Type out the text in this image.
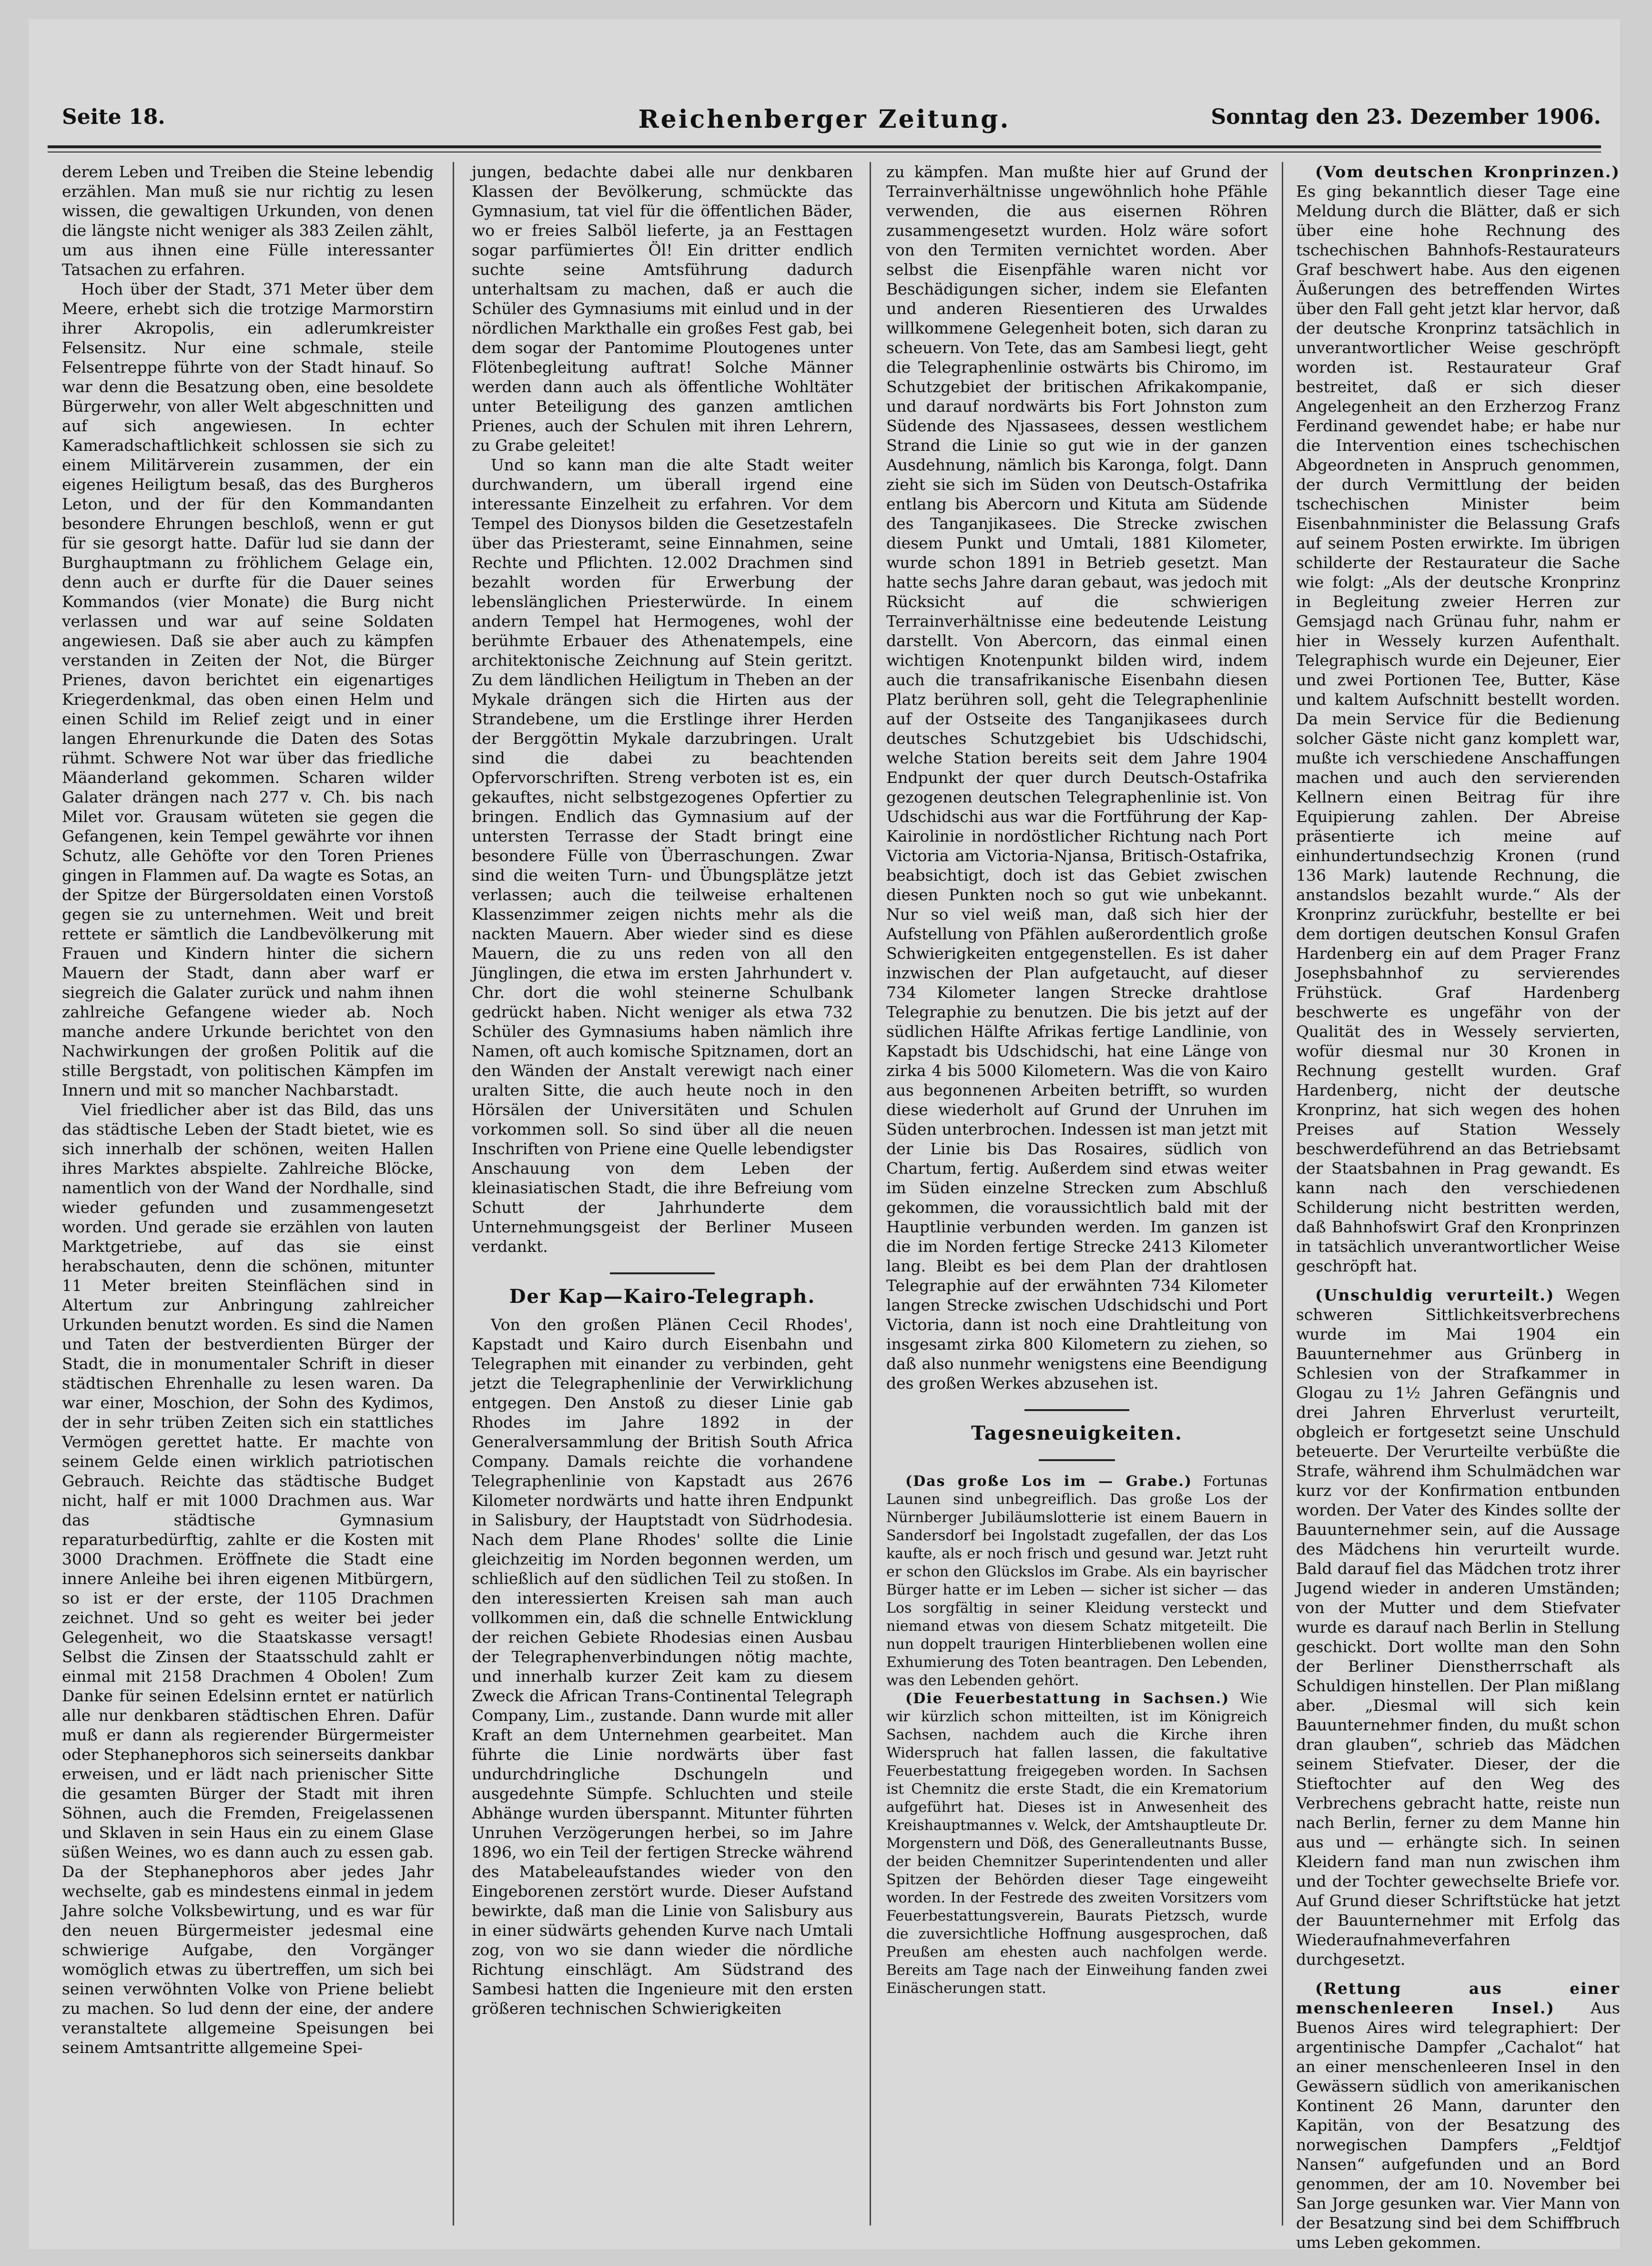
Seite 18.	Reichenberger Zeitung.	Sonntag den 23. Dezember 1906.

derem Leben und Treiben die Steine lebendig erzählen. Man muß sie nur richtig zu lesen wissen, die gewaltigen Urkunden, von denen die längste nicht weniger als 383 Zeilen zählt, um aus ihnen eine Fülle interessanter Tatsachen zu erfahren.

Hoch über der Stadt, 371 Meter über dem Meere, erhebt sich die trotzige Marmorstirn ihrer Akropolis, ein adlerumkreister Felsensitz. Nur eine schmale, steile Felsentreppe führte von der Stadt hinauf. So war denn die Besatzung oben, eine besoldete Bürgerwehr, von aller Welt abgeschnitten und auf sich angewiesen. In echter Kameradschaftlichkeit schlossen sie sich zu einem Militärverein zusammen, der ein eigenes Heiligtum besaß, das des Burgheros Leton, und der für den Kommandanten besondere Ehrungen beschloß, wenn er gut für sie gesorgt hatte. Dafür lud sie dann der Burghauptmann zu fröhlichem Gelage ein, denn auch er durfte für die Dauer seines Kommandos (vier Monate) die Burg nicht verlassen und war auf seine Soldaten angewiesen. Daß sie aber auch zu kämpfen verstanden in Zeiten der Not, die Bürger Prienes, davon berichtet ein eigenartiges Kriegerdenkmal, das oben einen Helm und einen Schild im Relief zeigt und in einer langen Ehrenurkunde die Daten des Sotas rühmt. Schwere Not war über das friedliche Mäanderland gekommen. Scharen wilder Galater drängen nach 277 v. Ch. bis nach Milet vor. Grausam wüteten sie gegen die Gefangenen, kein Tempel gewährte vor ihnen Schutz, alle Gehöfte vor den Toren Prienes gingen in Flammen auf. Da wagte es Sotas, an der Spitze der Bürgersoldaten einen Vorstoß gegen sie zu unternehmen. Weit und breit rettete er sämtlich die Landbevölkerung mit Frauen und Kindern hinter die sichern Mauern der Stadt, dann aber warf er siegreich die Galater zurück und nahm ihnen zahlreiche Gefangene wieder ab. Noch manche andere Urkunde berichtet von den Nachwirkungen der großen Politik auf die stille Bergstadt, von politischen Kämpfen im Innern und mit so mancher Nachbarstadt.

Viel friedlicher aber ist das Bild, das uns das städtische Leben der Stadt bietet, wie es sich innerhalb der schönen, weiten Hallen ihres Marktes abspielte. Zahlreiche Blöcke, namentlich von der Wand der Nordhalle, sind wieder gefunden und zusammengesetzt worden. Und gerade sie erzählen von lauten Marktgetriebe, auf das sie einst herabschauten, denn die schönen, mitunter 11 Meter breiten Steinflächen sind in Altertum zur Anbringung zahlreicher Urkunden benutzt worden. Es sind die Namen und Taten der bestverdienten Bürger der Stadt, die in monumentaler Schrift in dieser städtischen Ehrenhalle zu lesen waren. Da war einer, Moschion, der Sohn des Kydimos, der in sehr trüben Zeiten sich ein stattliches Vermögen gerettet hatte. Er machte von seinem Gelde einen wirklich patriotischen Gebrauch. Reichte das städtische Budget nicht, half er mit 1000 Drachmen aus. War das städtische Gymnasium reparaturbedürftig, zahlte er die Kosten mit 3000 Drachmen. Eröffnete die Stadt eine innere Anleihe bei ihren eigenen Mitbürgern, so ist er der erste, der 1105 Drachmen zeichnet. Und so geht es weiter bei jeder Gelegenheit, wo die Staatskasse versagt! Selbst die Zinsen der Staatsschuld zahlt er einmal mit 2158 Drachmen 4 Obolen! Zum Danke für seinen Edelsinn erntet er natürlich alle nur denkbaren städtischen Ehren. Dafür muß er dann als regierender Bürgermeister oder Stephanephoros sich seinerseits dankbar erweisen, und er lädt nach prienischer Sitte die gesamten Bürger der Stadt mit ihren Söhnen, auch die Fremden, Freigelassenen und Sklaven in sein Haus ein zu einem Glase süßen Weines, wo es dann auch zu essen gab. Da der Stephanephoros aber jedes Jahr wechselte, gab es mindestens einmal in jedem Jahre solche Volksbewirtung, und es war für den neuen Bürgermeister jedesmal eine schwierige Aufgabe, den Vorgänger womöglich etwas zu übertreffen, um sich bei seinen verwöhnten Volke von Priene beliebt zu machen. So lud denn der eine, der andere veranstaltete allgemeine Speisungen bei seinem Amtsantritte allgemeine Spei-

jungen, bedachte dabei alle nur denkbaren Klassen der Bevölkerung, schmückte das Gymnasium, tat viel für die öffentlichen Bäder, wo er freies Salböl lieferte, ja an Festtagen sogar parfümiertes Öl! Ein dritter endlich suchte seine Amtsführung dadurch unterhaltsam zu machen, daß er auch die Schüler des Gymnasiums mit einlud und in der nördlichen Markthalle ein großes Fest gab, bei dem sogar der Pantomime Ploutogenes unter Flötenbegleitung auftrat! Solche Männer werden dann auch als öffentliche Wohltäter unter Beteiligung des ganzen amtlichen Prienes, auch der Schulen mit ihren Lehrern, zu Grabe geleitet!

Und so kann man die alte Stadt weiter durchwandern, um überall irgend eine interessante Einzelheit zu erfahren. Vor dem Tempel des Dionysos bilden die Gesetzestafeln über das Priesteramt, seine Einnahmen, seine Rechte und Pflichten. 12.002 Drachmen sind bezahlt worden für Erwerbung der lebenslänglichen Priesterwürde. In einem andern Tempel hat Hermogenes, wohl der berühmte Erbauer des Athenatempels, eine architektonische Zeichnung auf Stein geritzt. Zu dem ländlichen Heiligtum in Theben an der Mykale drängen sich die Hirten aus der Strandebene, um die Erstlinge ihrer Herden der Berggöttin Mykale darzubringen. Uralt sind die dabei zu beachtenden Opfervorschriften. Streng verboten ist es, ein gekauftes, nicht selbstgezogenes Opfertier zu bringen. Endlich das Gymnasium auf der untersten Terrasse der Stadt bringt eine besondere Fülle von Überraschungen. Zwar sind die weiten Turn- und Übungsplätze jetzt verlassen; auch die teilweise erhaltenen Klassenzimmer zeigen nichts mehr als die nackten Mauern. Aber wieder sind es diese Mauern, die zu uns reden von all den Jünglingen, die etwa im ersten Jahrhundert v. Chr. dort die wohl steinerne Schulbank gedrückt haben. Nicht weniger als etwa 732 Schüler des Gymnasiums haben nämlich ihre Namen, oft auch komische Spitznamen, dort an den Wänden der Anstalt verewigt nach einer uralten Sitte, die auch heute noch in den Hörsälen der Universitäten und Schulen vorkommen soll. So sind über all die neuen Inschriften von Priene eine Quelle lebendigster Anschauung von dem Leben der kleinasiatischen Stadt, die ihre Befreiung vom Schutt der Jahrhunderte dem Unternehmungsgeist der Berliner Museen verdankt.

Der Kap—Kairo-Telegraph.

Von den großen Plänen Cecil Rhodes', Kapstadt und Kairo durch Eisenbahn und Telegraphen mit einander zu verbinden, geht jetzt die Telegraphenlinie der Verwirklichung entgegen. Den Anstoß zu dieser Linie gab Rhodes im Jahre 1892 in der Generalversammlung der British South Africa Company. Damals reichte die vorhandene Telegraphenlinie von Kapstadt aus 2676 Kilometer nordwärts und hatte ihren Endpunkt in Salisbury, der Hauptstadt von Südrhodesia. Nach dem Plane Rhodes' sollte die Linie gleichzeitig im Norden begonnen werden, um schließlich auf den südlichen Teil zu stoßen. In den interessierten Kreisen sah man auch vollkommen ein, daß die schnelle Entwicklung der reichen Gebiete Rhodesias einen Ausbau der Telegraphenverbindungen nötig machte, und innerhalb kurzer Zeit kam zu diesem Zweck die African Trans-Continental Telegraph Company, Lim., zustande. Dann wurde mit aller Kraft an dem Unternehmen gearbeitet. Man führte die Linie nordwärts über fast undurchdringliche Dschungeln und ausgedehnte Sümpfe. Schluchten und steile Abhänge wurden überspannt. Mitunter führten Unruhen Verzögerungen herbei, so im Jahre 1896, wo ein Teil der fertigen Strecke während des Matabeleaufstandes wieder von den Eingeborenen zerstört wurde. Dieser Aufstand bewirkte, daß man die Linie von Salisbury aus in einer südwärts gehenden Kurve nach Umtali zog, von wo sie dann wieder die nördliche Richtung einschlägt. Am Südstrand des Sambesi hatten die Ingenieure mit den ersten größeren technischen Schwierigkeiten

zu kämpfen. Man mußte hier auf Grund der Terrainverhältnisse ungewöhnlich hohe Pfähle verwenden, die aus eisernen Röhren zusammengesetzt wurden. Holz wäre sofort von den Termiten vernichtet worden. Aber selbst die Eisenpfähle waren nicht vor Beschädigungen sicher, indem sie Elefanten und anderen Riesentieren des Urwaldes willkommene Gelegenheit boten, sich daran zu scheuern. Von Tete, das am Sambesi liegt, geht die Telegraphenlinie ostwärts bis Chiromo, im Schutzgebiet der britischen Afrikakompanie, und darauf nordwärts bis Fort Johnston zum Südende des Njassasees, dessen westlichem Strand die Linie so gut wie in der ganzen Ausdehnung, nämlich bis Karonga, folgt. Dann zieht sie sich im Süden von Deutsch-Ostafrika entlang bis Abercorn und Kituta am Südende des Tanganjikasees. Die Strecke zwischen diesem Punkt und Umtali, 1881 Kilometer, wurde schon 1891 in Betrieb gesetzt. Man hatte sechs Jahre daran gebaut, was jedoch mit Rücksicht auf die schwierigen Terrainverhältnisse eine bedeutende Leistung darstellt. Von Abercorn, das einmal einen wichtigen Knotenpunkt bilden wird, indem auch die transafrikanische Eisenbahn diesen Platz berühren soll, geht die Telegraphenlinie auf der Ostseite des Tanganjikasees durch deutsches Schutzgebiet bis Udschidschi, welche Station bereits seit dem Jahre 1904 Endpunkt der quer durch Deutsch-Ostafrika gezogenen deutschen Telegraphenlinie ist. Von Udschidschi aus war die Fortführung der Kap-Kairolinie in nordöstlicher Richtung nach Port Victoria am Victoria-Njansa, Britisch-Ostafrika, beabsichtigt, doch ist das Gebiet zwischen diesen Punkten noch so gut wie unbekannt. Nur so viel weiß man, daß sich hier der Aufstellung von Pfählen außerordentlich große Schwierigkeiten entgegenstellen. Es ist daher inzwischen der Plan aufgetaucht, auf dieser 734 Kilometer langen Strecke drahtlose Telegraphie zu benutzen. Die bis jetzt auf der südlichen Hälfte Afrikas fertige Landlinie, von Kapstadt bis Udschidschi, hat eine Länge von zirka 4 bis 5000 Kilometern. Was die von Kairo aus begonnenen Arbeiten betrifft, so wurden diese wiederholt auf Grund der Unruhen im Süden unterbrochen. Indessen ist man jetzt mit der Linie bis Das Rosaires, südlich von Chartum, fertig. Außerdem sind etwas weiter im Süden einzelne Strecken zum Abschluß gekommen, die voraussichtlich bald mit der Hauptlinie verbunden werden. Im ganzen ist die im Norden fertige Strecke 2413 Kilometer lang. Bleibt es bei dem Plan der drahtlosen Telegraphie auf der erwähnten 734 Kilometer langen Strecke zwischen Udschidschi und Port Victoria, dann ist noch eine Drahtleitung von insgesamt zirka 800 Kilometern zu ziehen, so daß also nunmehr wenigstens eine Beendigung des großen Werkes abzusehen ist.

Tagesneuigkeiten.

(Das große Los im — Grabe.) Fortunas Launen sind unbegreiflich. Das große Los der Nürnberger Jubiläumslotterie ist einem Bauern in Sandersdorf bei Ingolstadt zugefallen, der das Los kaufte, als er noch frisch und gesund war. Jetzt ruht er schon den Glückslos im Grabe. Als ein bayrischer Bürger hatte er im Leben — sicher ist sicher — das Los sorgfältig in seiner Kleidung versteckt und niemand etwas von diesem Schatz mitgeteilt. Die nun doppelt traurigen Hinterbliebenen wollen eine Exhumierung des Toten beantragen. Den Lebenden, was den Lebenden gehört.

(Die Feuerbestattung in Sachsen.) Wie wir kürzlich schon mitteilten, ist im Königreich Sachsen, nachdem auch die Kirche ihren Widerspruch hat fallen lassen, die fakultative Feuerbestattung freigegeben worden. In Sachsen ist Chemnitz die erste Stadt, die ein Krematorium aufgeführt hat. Dieses ist in Anwesenheit des Kreishauptmannes v. Welck, der Amtshauptleute Dr. Morgenstern und Döß, des Generalleutnants Busse, der beiden Chemnitzer Superintendenten und aller Spitzen der Behörden dieser Tage eingeweiht worden. In der Festrede des zweiten Vorsitzers vom Feuerbestattungsverein, Baurats Pietzsch, wurde die zuversichtliche Hoffnung ausgesprochen, daß Preußen am ehesten auch nachfolgen werde. Bereits am Tage nach der Einweihung fanden zwei Einäscherungen statt.

(Vom deutschen Kronprinzen.) Es ging bekanntlich dieser Tage eine Meldung durch die Blätter, daß er sich über eine hohe Rechnung des tschechischen Bahnhofs-Restaurateurs Graf beschwert habe. Aus den eigenen Äußerungen des betreffenden Wirtes über den Fall geht jetzt klar hervor, daß der deutsche Kronprinz tatsächlich in unverantwortlicher Weise geschröpft worden ist. Restaurateur Graf bestreitet, daß er sich dieser Angelegenheit an den Erzherzog Franz Ferdinand gewendet habe; er habe nur die Intervention eines tschechischen Abgeordneten in Anspruch genommen, der durch Vermittlung der beiden tschechischen Minister beim Eisenbahnminister die Belassung Grafs auf seinem Posten erwirkte. Im übrigen schilderte der Restaurateur die Sache wie folgt: „Als der deutsche Kronprinz in Begleitung zweier Herren zur Gemsjagd nach Grünau fuhr, nahm er hier in Wessely kurzen Aufenthalt. Telegraphisch wurde ein Dejeuner, Eier und zwei Portionen Tee, Butter, Käse und kaltem Aufschnitt bestellt worden. Da mein Service für die Bedienung solcher Gäste nicht ganz komplett war, mußte ich verschiedene Anschaffungen machen und auch den servierenden Kellnern einen Beitrag für ihre Equipierung zahlen. Der Abreise präsentierte ich meine auf einhundertundsechzig Kronen (rund 136 Mark) lautende Rechnung, die anstandslos bezahlt wurde.“ Als der Kronprinz zurückfuhr, bestellte er bei dem dortigen deutschen Konsul Grafen Hardenberg ein auf dem Prager Franz Josephsbahnhof zu servierendes Frühstück. Graf Hardenberg beschwerte es ungefähr von der Qualität des in Wessely servierten, wofür diesmal nur 30 Kronen in Rechnung gestellt wurden. Graf Hardenberg, nicht der deutsche Kronprinz, hat sich wegen des hohen Preises auf Station Wessely beschwerdeführend an das Betriebsamt der Staatsbahnen in Prag gewandt. Es kann nach den verschiedenen Schilderung nicht bestritten werden, daß Bahnhofswirt Graf den Kronprinzen in tatsächlich unverantwortlicher Weise geschröpft hat.

(Unschuldig verurteilt.) Wegen schweren Sittlichkeitsverbrechens wurde im Mai 1904 ein Bauunternehmer aus Grünberg in Schlesien von der Strafkammer in Glogau zu 1½ Jahren Gefängnis und drei Jahren Ehrverlust verurteilt, obgleich er fortgesetzt seine Unschuld beteuerte. Der Verurteilte verbüßte die Strafe, während ihm Schulmädchen war kurz vor der Konfirmation entbunden worden. Der Vater des Kindes sollte der Bauunternehmer sein, auf die Aussage des Mädchens hin verurteilt wurde. Bald darauf fiel das Mädchen trotz ihrer Jugend wieder in anderen Umständen; von der Mutter und dem Stiefvater wurde es darauf nach Berlin in Stellung geschickt. Dort wollte man den Sohn der Berliner Dienstherrschaft als Schuldigen hinstellen. Der Plan mißlang aber. „Diesmal will sich kein Bauunternehmer finden, du mußt schon dran glauben“, schrieb das Mädchen seinem Stiefvater. Dieser, der die Stieftochter auf den Weg des Verbrechens gebracht hatte, reiste nun nach Berlin, ferner zu dem Manne hin aus und — erhängte sich. In seinen Kleidern fand man nun zwischen ihm und der Tochter gewechselte Briefe vor. Auf Grund dieser Schriftstücke hat jetzt der Bauunternehmer mit Erfolg das Wiederaufnahmeverfahren durchgesetzt.

(Rettung aus einer menschenleeren Insel.) Aus Buenos Aires wird telegraphiert: Der argentinische Dampfer „Cachalot“ hat an einer menschenleeren Insel in den Gewässern südlich von amerikanischen Kontinent 26 Mann, darunter den Kapitän, von der Besatzung des norwegischen Dampfers „Feldtjof Nansen“ aufgefunden und an Bord genommen, der am 10. November bei San Jorge gesunken war. Vier Mann von der Besatzung sind bei dem Schiffbruch ums Leben gekommen.
